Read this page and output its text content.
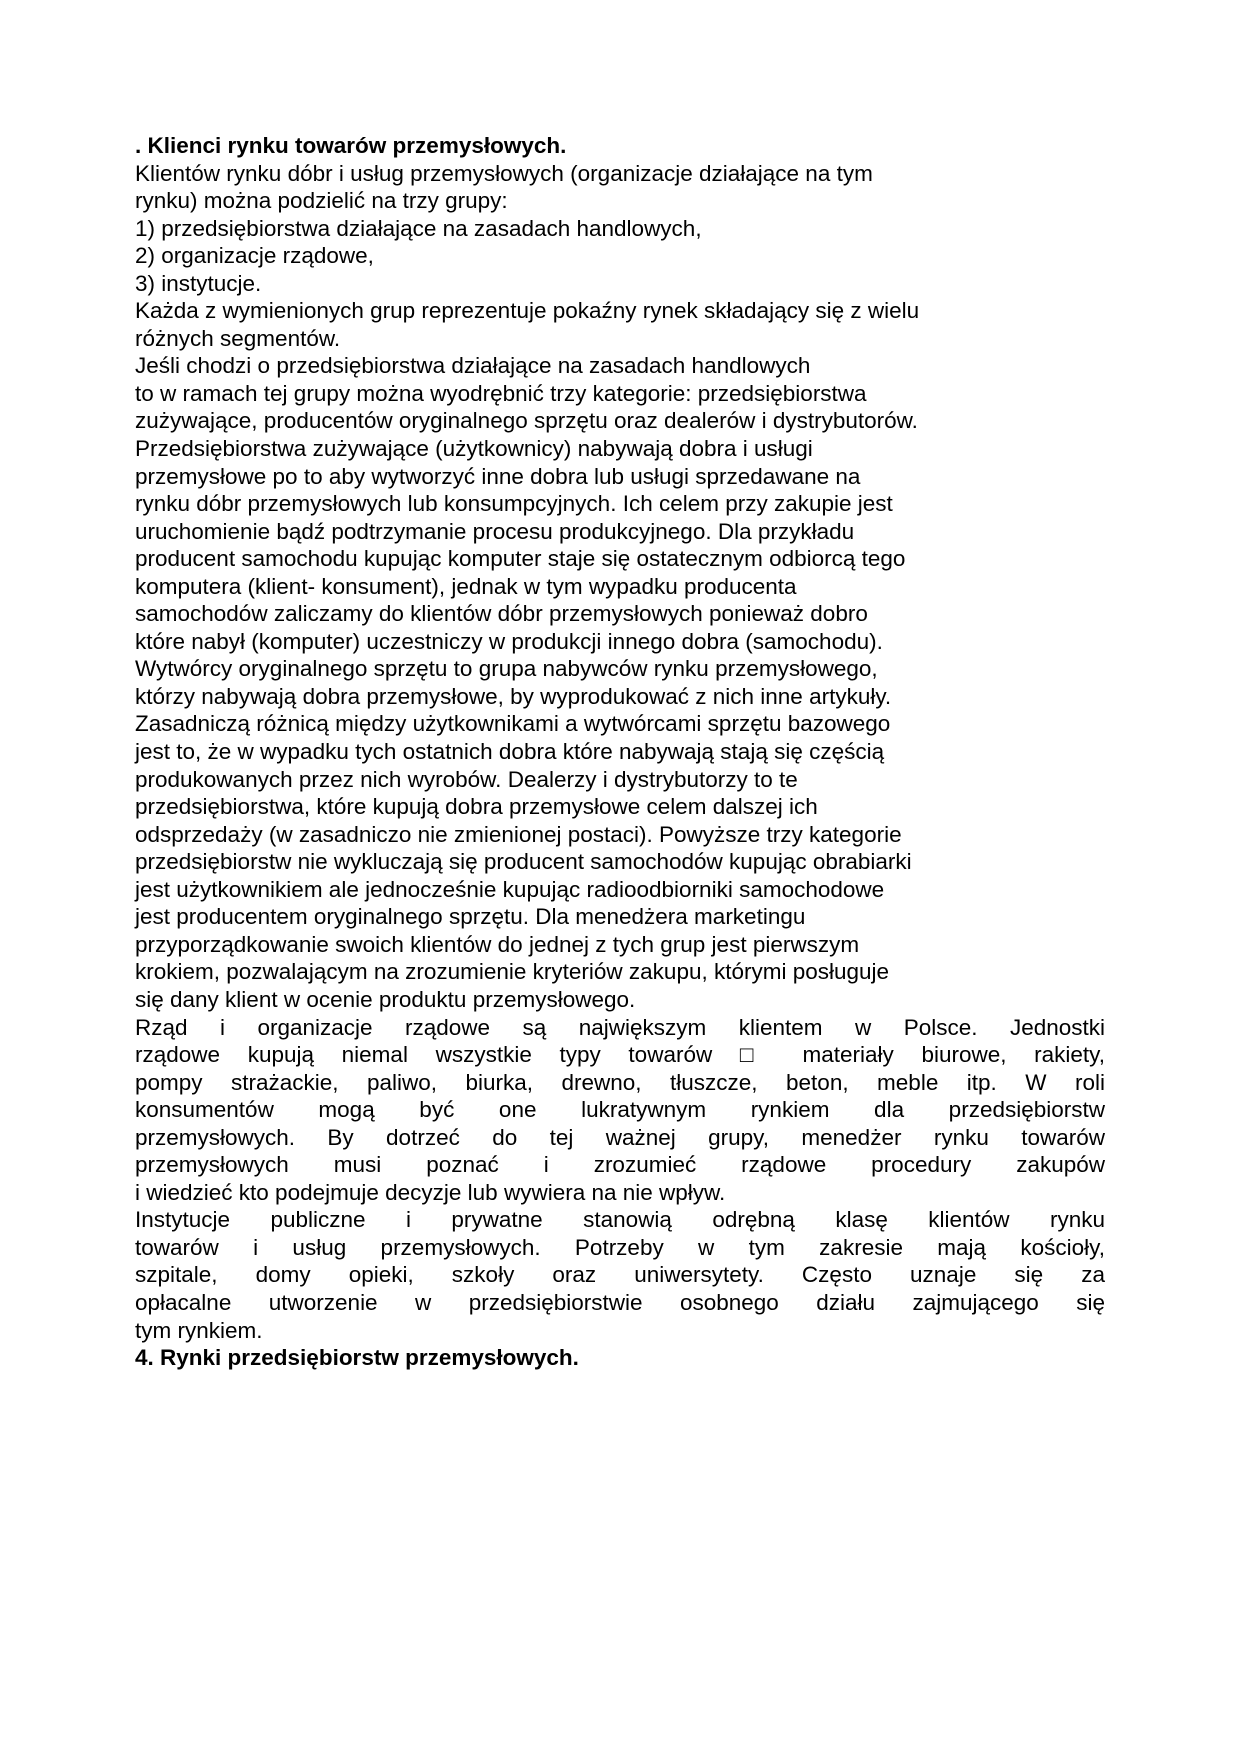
. Klienci rynku towarów przemysłowych.
Klientów rynku dóbr i usług przemysłowych (organizacje działające na tym
rynku) można podzielić na trzy grupy:
1) przedsiębiorstwa działające na zasadach handlowych,
2) organizacje rządowe,
3) instytucje.
Każda z wymienionych grup reprezentuje pokaźny rynek składający się z wielu
różnych segmentów.
Jeśli chodzi o przedsiębiorstwa działające na zasadach handlowych
to w ramach tej grupy można wyodrębnić trzy kategorie: przedsiębiorstwa
zużywające, producentów oryginalnego sprzętu oraz dealerów i dystrybutorów.
Przedsiębiorstwa zużywające (użytkownicy) nabywają dobra i usługi
przemysłowe po to aby wytworzyć inne dobra lub usługi sprzedawane na
rynku dóbr przemysłowych lub konsumpcyjnych. Ich celem przy zakupie jest
uruchomienie bądź podtrzymanie procesu produkcyjnego. Dla przykładu
producent samochodu kupując komputer staje się ostatecznym odbiorcą tego
komputera (klient- konsument), jednak w tym wypadku producenta
samochodów zaliczamy do klientów dóbr przemysłowych ponieważ dobro
które nabył (komputer) uczestniczy w produkcji innego dobra (samochodu).
Wytwórcy oryginalnego sprzętu to grupa nabywców rynku przemysłowego,
którzy nabywają dobra przemysłowe, by wyprodukować z nich inne artykuły.
Zasadniczą różnicą między użytkownikami a wytwórcami sprzętu bazowego
jest to, że w wypadku tych ostatnich dobra które nabywają stają się częścią
produkowanych przez nich wyrobów. Dealerzy i dystrybutorzy to te
przedsiębiorstwa, które kupują dobra przemysłowe celem dalszej ich
odsprzedaży (w zasadniczo nie zmienionej postaci). Powyższe trzy kategorie
przedsiębiorstw nie wykluczają się producent samochodów kupując obrabiarki
jest użytkownikiem ale jednocześnie kupując radioodbiorniki samochodowe
jest producentem oryginalnego sprzętu. Dla menedżera marketingu
przyporządkowanie swoich klientów do jednej z tych grup jest pierwszym
krokiem, pozwalającym na zrozumienie kryteriów zakupu, którymi posługuje
się dany klient w ocenie produktu przemysłowego.
Rząd i organizacje rządowe są największym klientem w Polsce. Jednostki
rządowe kupują niemal wszystkie typy towarów □ materiały biurowe, rakiety,
pompy strażackie, paliwo, biurka, drewno, tłuszcze, beton, meble itp. W roli
konsumentów mogą być one lukratywnym rynkiem dla przedsiębiorstw
przemysłowych. By dotrzeć do tej ważnej grupy, menedżer rynku towarów
przemysłowych musi poznać i zrozumieć rządowe procedury zakupów
i wiedzieć kto podejmuje decyzje lub wywiera na nie wpływ.
Instytucje publiczne i prywatne stanowią odrębną klasę klientów rynku
towarów i usług przemysłowych. Potrzeby w tym zakresie mają kościoły,
szpitale, domy opieki, szkoły oraz uniwersytety. Często uznaje się za
opłacalne utworzenie w przedsiębiorstwie osobnego działu zajmującego się
tym rynkiem.
4. Rynki przedsiębiorstw przemysłowych.
